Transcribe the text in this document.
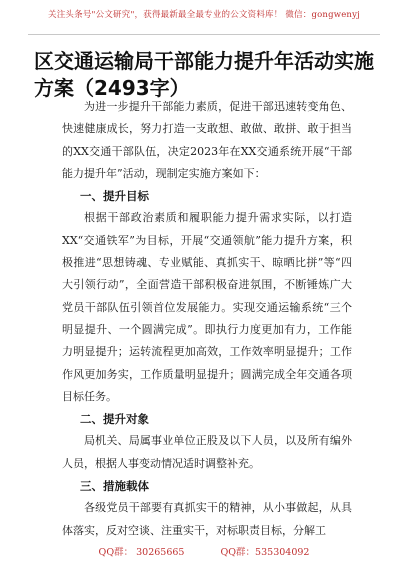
关注头条号"公文研究"，获得最新最全最专业的公文资料库！ 微信：gongwenyj
区交通运输局干部能力提升年活动实施方案（2493字）

为进一步提升干部能力素质，促进干部迅速转变角色、快速健康成长，努力打造一支敢想、敢做、敢拼、敢于担当的XX交通干部队伍，决定2023年在XX交通系统开展“干部能力提升年”活动，现制定实施方案如下：

一、提升目标

根据干部政治素质和履职能力提升需求实际，以打造XX“交通铁军”为目标，开展“交通领航”能力提升方案，积极推进“思想铸魂、专业赋能、真抓实干、晾晒比拼”等“四大引领行动”，全面营造干部积极奋进氛围，不断锤炼广大党员干部队伍引领首位发展能力。实现交通运输系统“三个明显提升、一个圆满完成”。即执行力度更加有力，工作能力明显提升；运转流程更加高效，工作效率明显提升；工作作风更加务实，工作质量明显提升；圆满完成全年交通各项目标任务。

二、提升对象

局机关、局属事业单位正股及以下人员，以及所有编外人员，根据人事变动情况适时调整补充。

三、措施载体

各级党员干部要有真抓实干的精神，从小事做起，从具体落实，反对空谈、注重实干，对标职责目标，分解工

QQ群： 30265665	QQ群：535304092
